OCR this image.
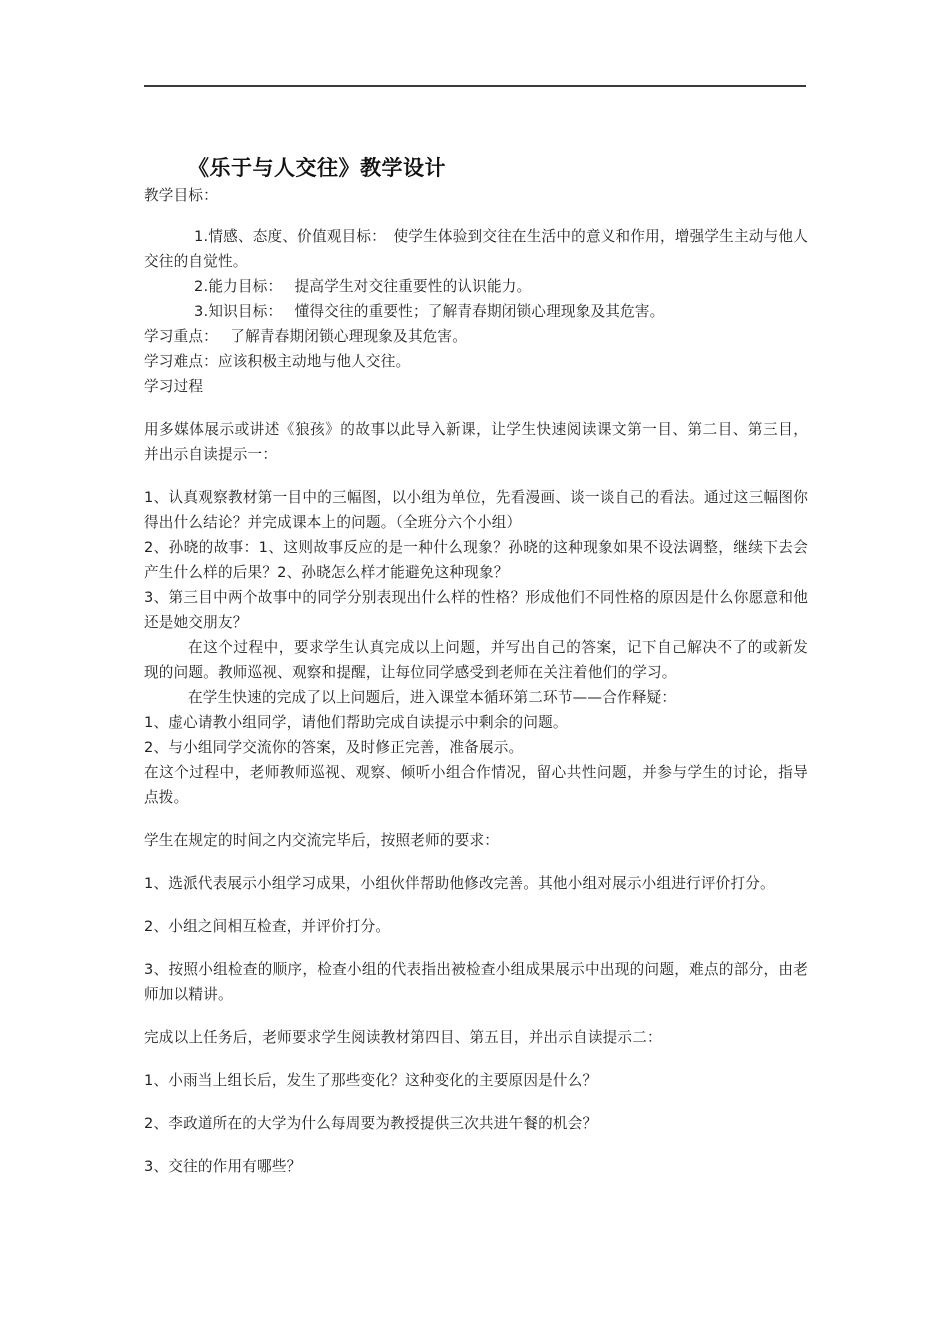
《乐于与人交往》教学设计

教学目标：

1.情感、态度、价值观目标：　使学生体验到交往在生活中的意义和作用，增强学生主动与他人交往的自觉性。

2.能力目标：　 提高学生对交往重要性的认识能力。

3.知识目标：　 懂得交往的重要性；了解青春期闭锁心理现象及其危害。

学习重点：　 了解青春期闭锁心理现象及其危害。

学习难点：应该积极主动地与他人交往。

学习过程

用多媒体展示或讲述《狼孩》的故事以此导入新课，让学生快速阅读课文第一目、第二目、第三目，并出示自读提示一：

1、认真观察教材第一目中的三幅图，以小组为单位，先看漫画、谈一谈自己的看法。通过这三幅图你得出什么结论？并完成课本上的问题。（全班分六个小组）

2、孙晓的故事：1、这则故事反应的是一种什么现象？孙晓的这种现象如果不设法调整，继续下去会产生什么样的后果？2、孙晓怎么样才能避免这种现象？

3、第三目中两个故事中的同学分别表现出什么样的性格？形成他们不同性格的原因是什么你愿意和他还是她交朋友？

在这个过程中，要求学生认真完成以上问题，并写出自己的答案，记下自己解决不了的或新发现的问题。教师巡视、观察和提醒，让每位同学感受到老师在关注着他们的学习。

在学生快速的完成了以上问题后，进入课堂本循环第二环节——合作释疑：

1、虚心请教小组同学，请他们帮助完成自读提示中剩余的问题。

2、与小组同学交流你的答案，及时修正完善，准备展示。

在这个过程中，老师教师巡视、观察、倾听小组合作情况，留心共性问题，并参与学生的讨论，指导点拨。

学生在规定的时间之内交流完毕后，按照老师的要求：

1、选派代表展示小组学习成果，小组伙伴帮助他修改完善。其他小组对展示小组进行评价打分。

2、小组之间相互检查，并评价打分。

3、按照小组检查的顺序，检查小组的代表指出被检查小组成果展示中出现的问题，难点的部分，由老师加以精讲。

完成以上任务后，老师要求学生阅读教材第四目、第五目，并出示自读提示二：

1、小雨当上组长后，发生了那些变化？这种变化的主要原因是什么？

2、李政道所在的大学为什么每周要为教授提供三次共进午餐的机会？

3、交往的作用有哪些？
